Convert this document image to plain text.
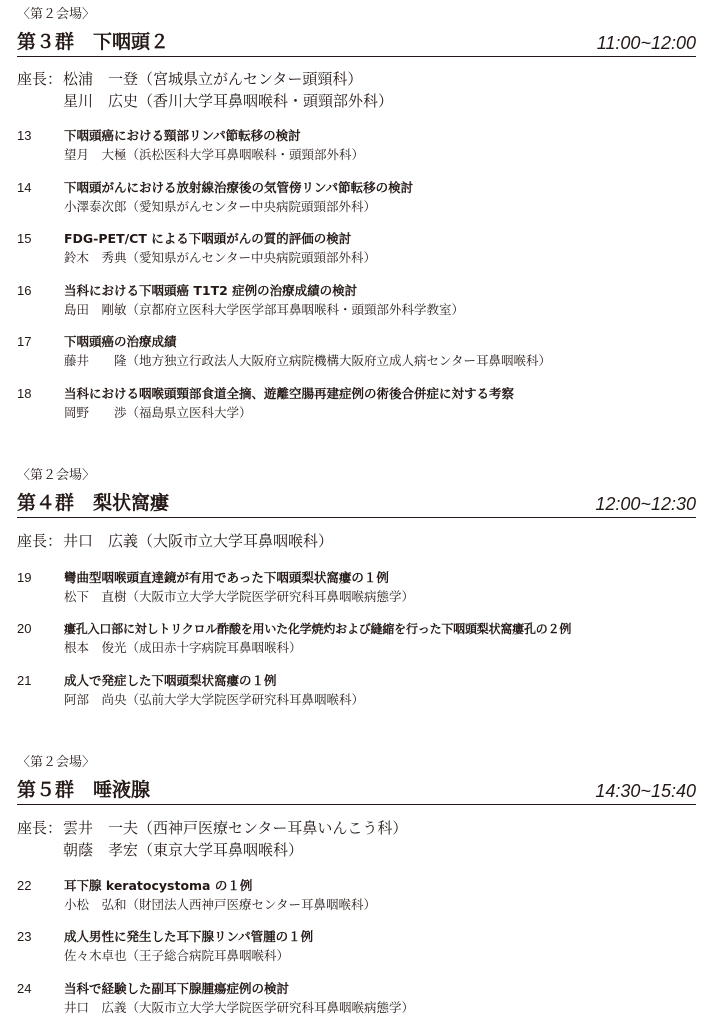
〈第２会場〉
第３群　下咽頭２	11:00~12:00
座長： 松浦　一登（宮城県立がんセンター頭頸科）
星川　広史（香川大学耳鼻咽喉科・頭頸部外科）
13	下咽頭癌における頸部リンパ節転移の検討
望月　大極（浜松医科大学耳鼻咽喉科・頭頸部外科）
14	下咽頭がんにおける放射線治療後の気管傍リンパ節転移の検討
小澤泰次郎（愛知県がんセンター中央病院頭頸部外科）
15	FDG-PET/CT による下咽頭がんの質的評価の検討
鈴木　秀典（愛知県がんセンター中央病院頭頸部外科）
16	当科における下咽頭癌 T1T2 症例の治療成績の検討
島田　剛敏（京都府立医科大学医学部耳鼻咽喉科・頭頸部外科学教室）
17	下咽頭癌の治療成績
藤井　　隆（地方独立行政法人大阪府立病院機構大阪府立成人病センター耳鼻咽喉科）
18	当科における咽喉頭頸部食道全摘、遊離空腸再建症例の術後合併症に対する考察
岡野　　渉（福島県立医科大学）
〈第２会場〉
第４群　梨状窩瘻	12:00~12:30
座長： 井口　広義（大阪市立大学耳鼻咽喉科）
19	彎曲型咽喉頭直達鏡が有用であった下咽頭梨状窩瘻の１例
松下　直樹（大阪市立大学大学院医学研究科耳鼻咽喉病態学）
20	瘻孔入口部に対しトリクロル酢酸を用いた化学焼灼および縫縮を行った下咽頭梨状窩瘻孔の２例
根本　俊光（成田赤十字病院耳鼻咽喉科）
21	成人で発症した下咽頭梨状窩瘻の１例
阿部　尚央（弘前大学大学院医学研究科耳鼻咽喉科）
〈第２会場〉
第５群　唾液腺	14:30~15:40
座長： 雲井　一夫（西神戸医療センター耳鼻いんこう科）
朝蔭　孝宏（東京大学耳鼻咽喉科）
22	耳下腺 keratocystoma の１例
小松　弘和（財団法人西神戸医療センター耳鼻咽喉科）
23	成人男性に発生した耳下腺リンパ管腫の１例
佐々木卓也（王子総合病院耳鼻咽喉科）
24	当科で経験した副耳下腺腫瘍症例の検討
井口　広義（大阪市立大学大学院医学研究科耳鼻咽喉病態学）
